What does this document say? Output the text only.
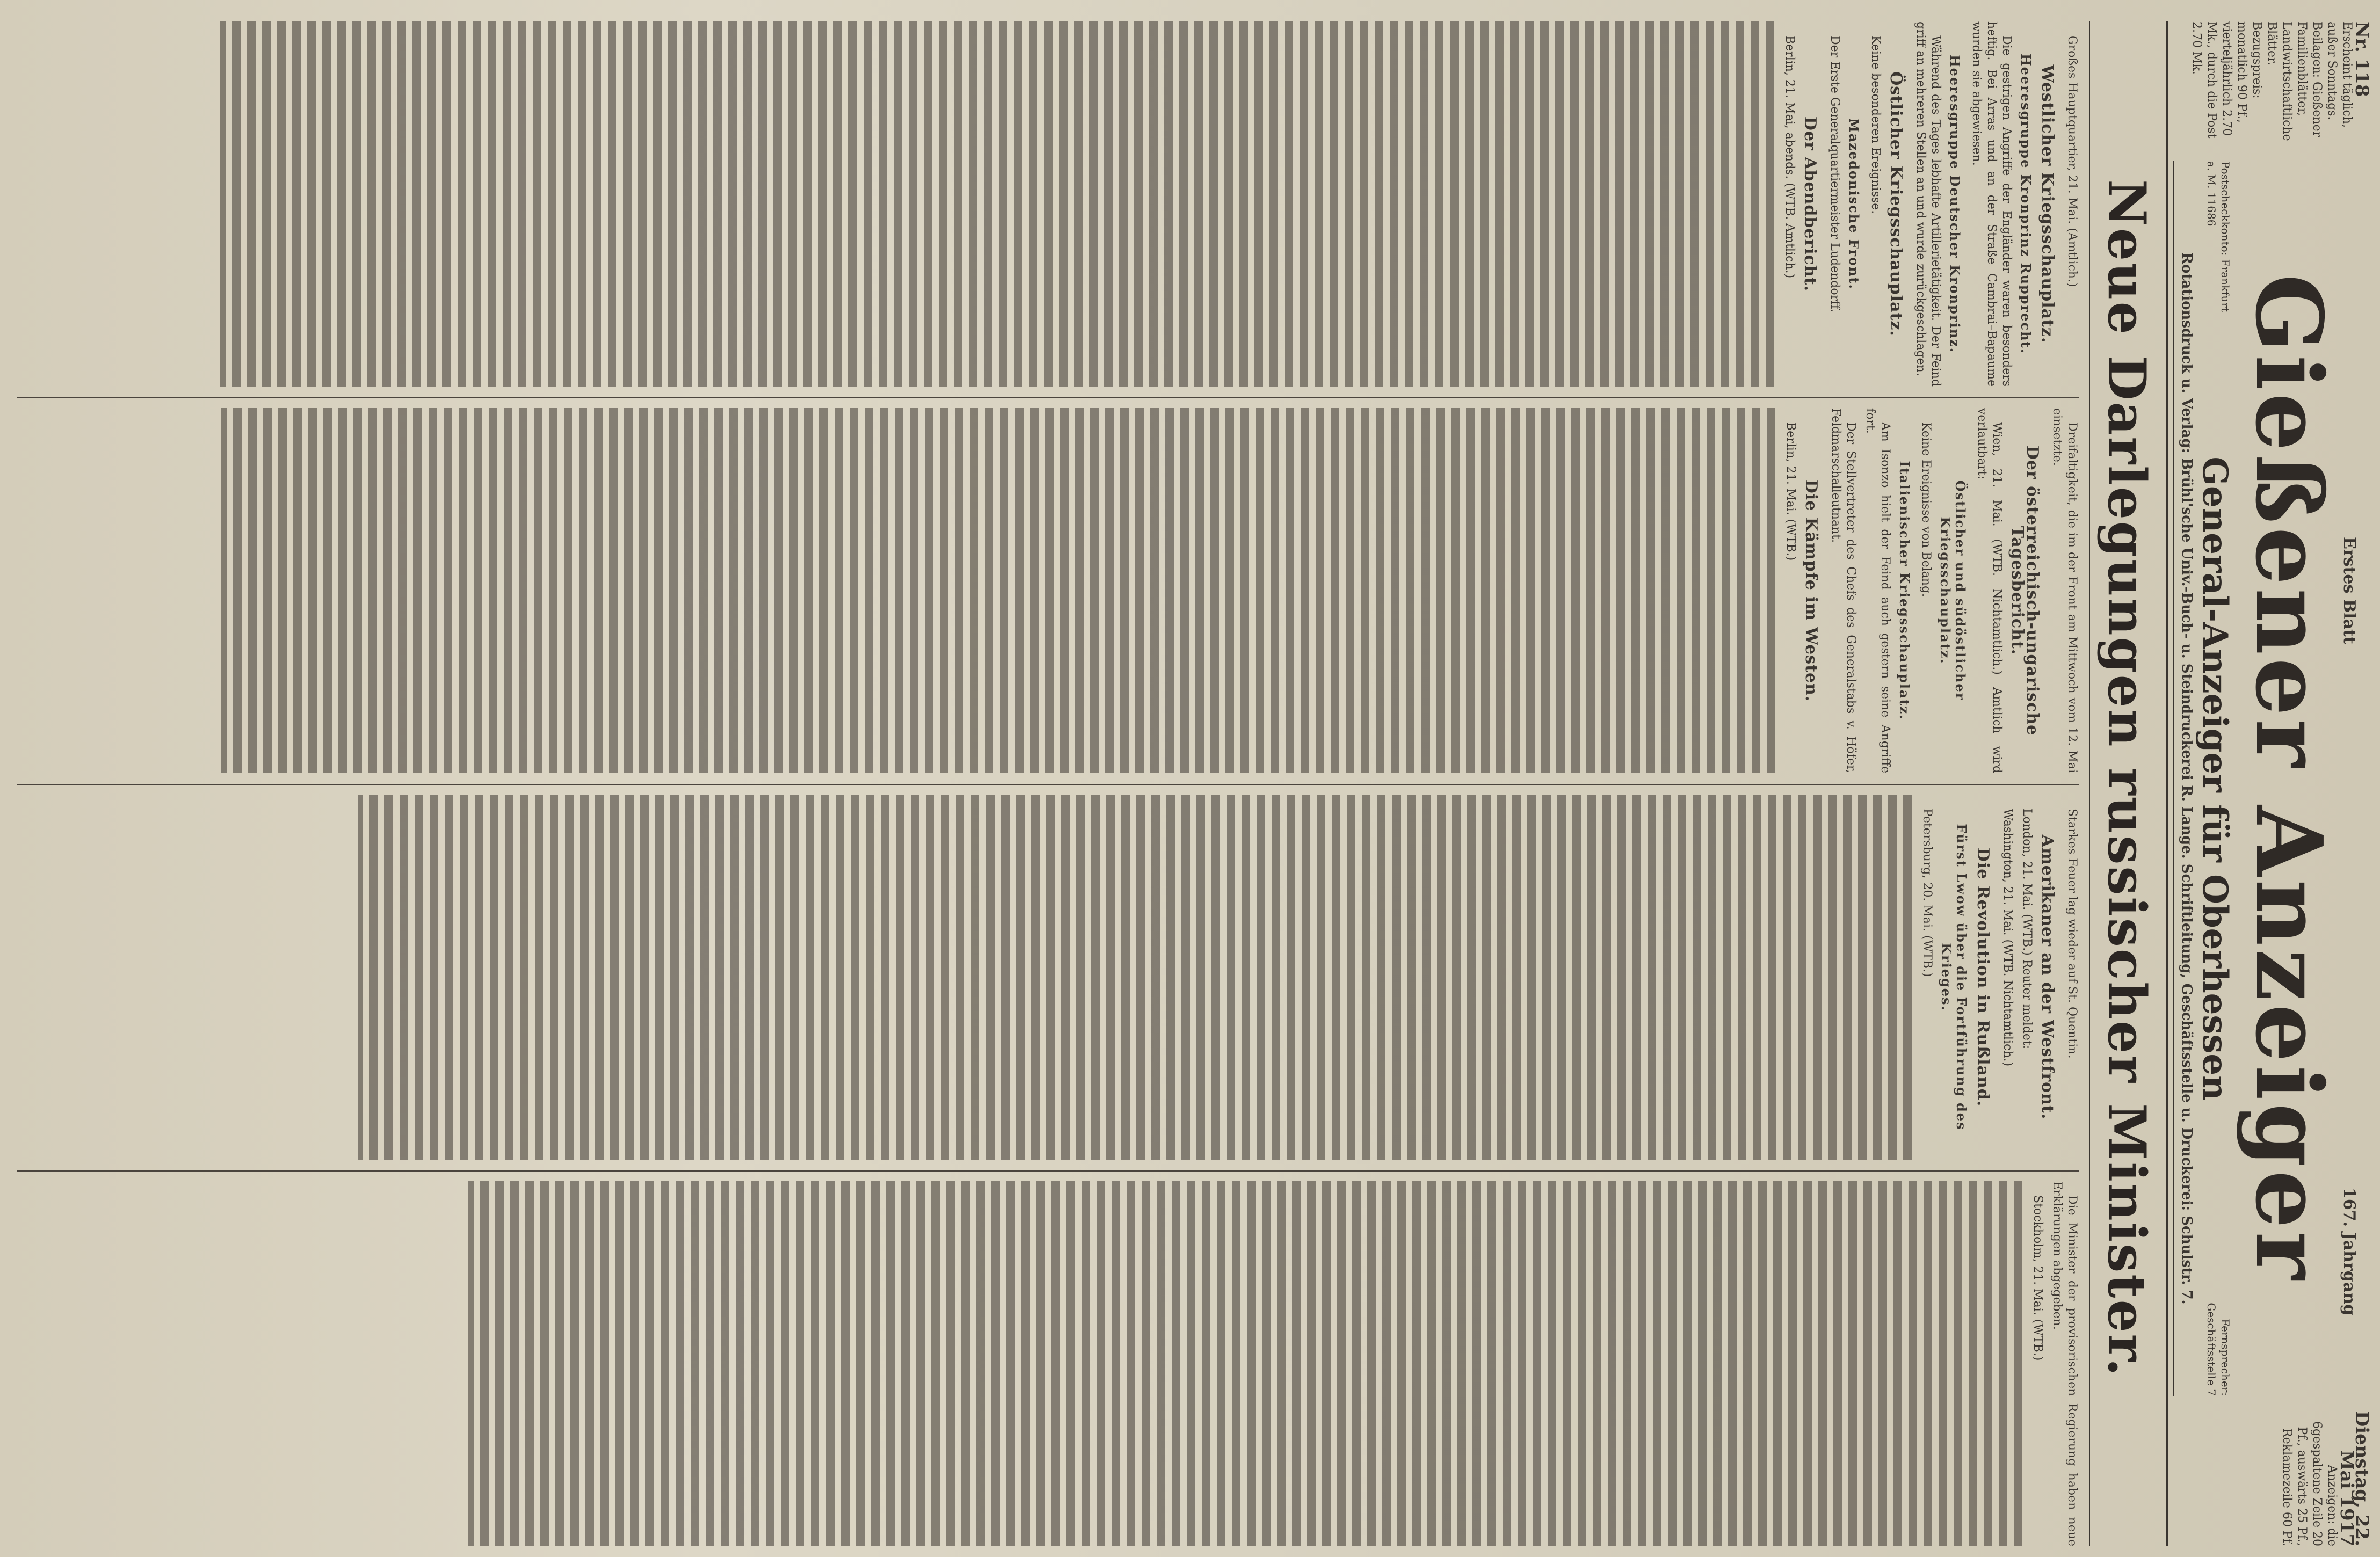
Nr. 118
Erscheint täglich, außer Sonntags. Beilagen: Gießener Familienblätter, Landwirtschaftliche Blätter. Bezugspreis: monatlich 90 Pf., vierteljährlich 2.70 Mk., durch die Post 2.70 Mk.
Erstes Blatt
167. Jahrgang
Gießener Anzeiger
Dienstag, 22. Mai 1917
Anzeigen: die 6gespaltene Zeile 20 Pf., auswärts 25 Pf., Reklamezeile 60 Pf.
Postscheckkonto: Frankfurt a. M. 11686
General-Anzeiger für Oberhessen
Fernsprecher: Geschäftsstelle 7
Rotationsdruck u. Verlag: Brühl'sche Univ.-Buch- u. Steindruckerei R. Lange. Schriftleitung, Geschäftsstelle u. Druckerei: Schulstr. 7.
Neue Darlegungen russischer Minister.

Großes Hauptquartier, 21. Mai. (Amtlich.)

Westlicher Kriegsschauplatz.
Heeresgruppe Kronprinz Rupprecht.

Die gestrigen Angriffe der Engländer waren besonders heftig. Bei Arras und an der Straße Cambrai–Bapaume wurden sie abgewiesen.

Heeresgruppe Deutscher Kronprinz.

Während des Tages lebhafte Artillerietätigkeit. Der Feind griff an mehreren Stellen an und wurde zurückgeschlagen.

Östlicher Kriegsschauplatz.

Keine besonderen Ereignisse.

Mazedonische Front.

Der Erste Generalquartiermeister Ludendorff.

Der Abendbericht.

Berlin, 21. Mai, abends. (WTB. Amtlich.)

Dreifaltigkeit, die im der Front am Mittwoch vom 12. Mai einsetzte.

Der österreichisch-ungarische Tagesbericht.

Wien, 21. Mai. (WTB. Nichtamtlich.) Amtlich wird verlautbart:

Östlicher und südöstlicher Kriegsschauplatz.

Keine Ereignisse von Belang.

Italienischer Kriegsschauplatz.

Am Isonzo hielt der Feind auch gestern seine Angriffe fort.

Der Stellvertreter des Chefs des Generalstabs v. Höfer, Feldmarschalleutnant.

Die Kämpfe im Westen.

Berlin, 21. Mai. (WTB.)

Starkes Feuer lag wieder auf St. Quentin.

Amerikaner an der Westfront.

London, 21. Mai. (WTB.) Reuter meldet:

Washington, 21. Mai. (WTB. Nichtamtlich.)

Die Revolution in Rußland.
Fürst Lwow über die Fortführung des Krieges.

Petersburg, 20. Mai. (WTB.)

Die Minister der provisorischen Regierung haben neue Erklärungen abgegeben.

Stockholm, 21. Mai. (WTB.)
